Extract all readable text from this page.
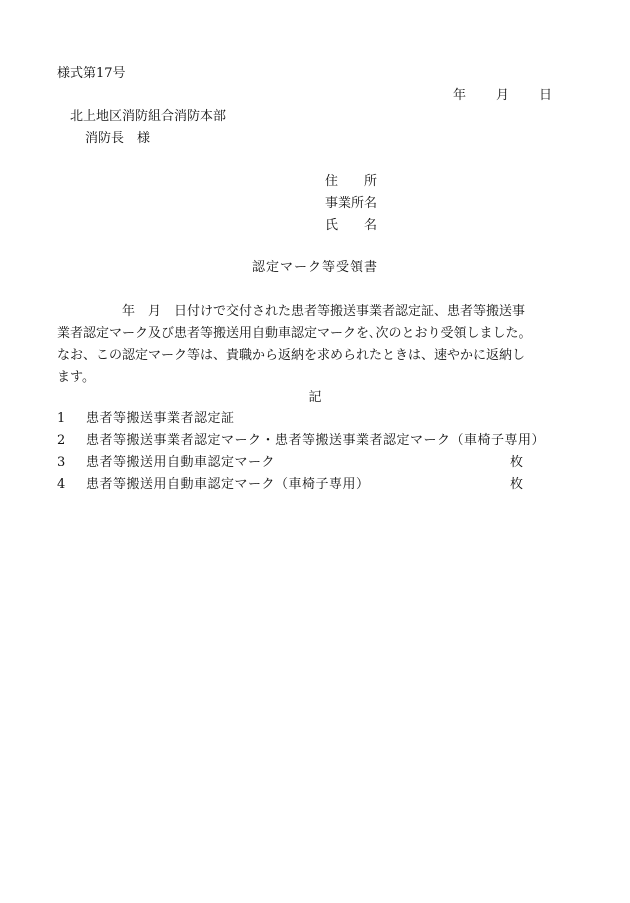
様式第17号
年 月 日
北上地区消防組合消防本部
消防長　様
住　　所
事業所名
氏　　名
認定マーク等受領書
　　　　　年　月　日付けで交付された患者等搬送事業者認定証、患者等搬送事
業者認定マーク及び患者等搬送用自動車認定マークを､次のとおり受領しました。
なお、この認定マーク等は、貴職から返納を求められたときは、速やかに返納し
ます。
記
1 患者等搬送事業者認定証
2 患者等搬送事業者認定マーク・患者等搬送事業者認定マーク（車椅子専用）
3 患者等搬送用自動車認定マーク	枚
4 患者等搬送用自動車認定マーク（車椅子専用）	枚
